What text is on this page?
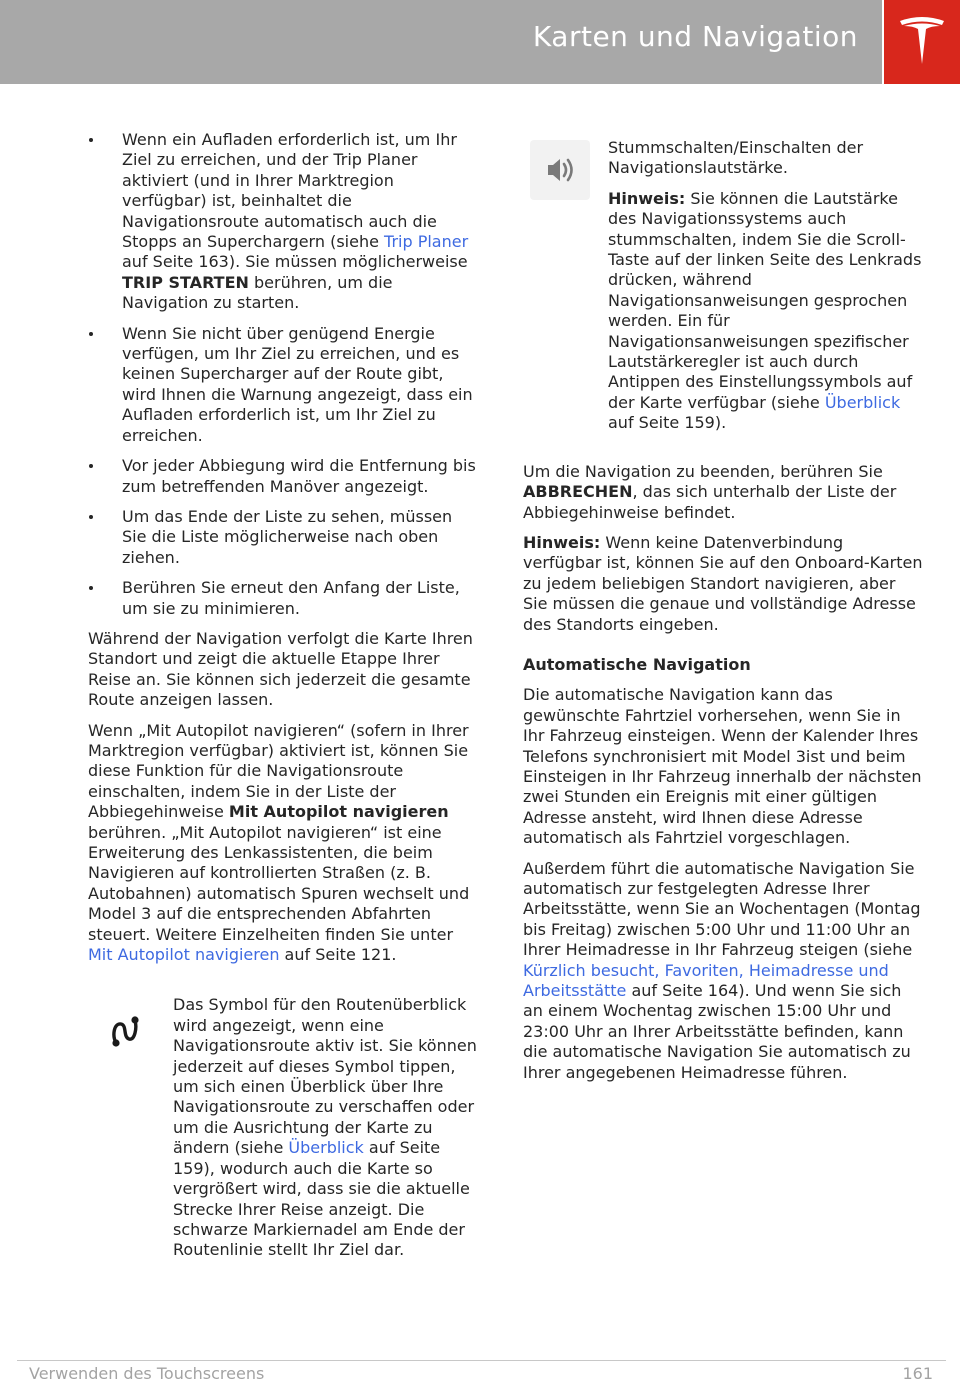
Karten und Navigation
Wenn ein Aufladen erforderlich ist, um Ihr Ziel zu erreichen, und der Trip Planer aktiviert (und in Ihrer Marktregion verfügbar) ist, beinhaltet die Navigationsroute automatisch auch die Stopps an Superchargern (siehe Trip Planer auf Seite 163). Sie müssen möglicherweise TRIP STARTEN berühren, um die Navigation zu starten.
Wenn Sie nicht über genügend Energie verfügen, um Ihr Ziel zu erreichen, und es keinen Supercharger auf der Route gibt, wird Ihnen die Warnung angezeigt, dass ein Aufladen erforderlich ist, um Ihr Ziel zu erreichen.
Vor jeder Abbiegung wird die Entfernung bis zum betreffenden Manöver angezeigt.
Um das Ende der Liste zu sehen, müssen Sie die Liste möglicherweise nach oben ziehen.
Berühren Sie erneut den Anfang der Liste, um sie zu minimieren.

Während der Navigation verfolgt die Karte Ihren Standort und zeigt die aktuelle Etappe Ihrer Reise an. Sie können sich jederzeit die gesamte Route anzeigen lassen.

Wenn „Mit Autopilot navigieren“ (sofern in Ihrer Marktregion verfügbar) aktiviert ist, können Sie diese Funktion für die Navigationsroute einschalten, indem Sie in der Liste der Abbiegehinweise Mit Autopilot navigieren berühren. „Mit Autopilot navigieren“ ist eine Erweiterung des Lenkassistenten, die beim Navigieren auf kontrollierten Straßen (z. B. Autobahnen) automatisch Spuren wechselt und Model 3 auf die entsprechenden Abfahrten steuert. Weitere Einzelheiten finden Sie unter Mit Autopilot navigieren auf Seite 121.

Das Symbol für den Routenüberblick wird angezeigt, wenn eine Navigationsroute aktiv ist. Sie können jederzeit auf dieses Symbol tippen, um sich einen Überblick über Ihre Navigationsroute zu verschaffen oder um die Ausrichtung der Karte zu ändern (siehe Überblick auf Seite 159), wodurch auch die Karte so vergrößert wird, dass sie die aktuelle Strecke Ihrer Reise anzeigt. Die schwarze Markiernadel am Ende der Routenlinie stellt Ihr Ziel dar.

Stummschalten/Einschalten der Navigationslautstärke.

Hinweis: Sie können die Lautstärke des Navigationssystems auch stummschalten, indem Sie die Scroll-Taste auf der linken Seite des Lenkrads drücken, während Navigationsanweisungen gesprochen werden. Ein für Navigationsanweisungen spezifischer Lautstärkeregler ist auch durch Antippen des Einstellungssymbols auf der Karte verfügbar (siehe Überblick auf Seite 159).

Um die Navigation zu beenden, berühren Sie ABBRECHEN, das sich unterhalb der Liste der Abbiegehinweise befindet.

Hinweis: Wenn keine Datenverbindung verfügbar ist, können Sie auf den Onboard-Karten zu jedem beliebigen Standort navigieren, aber Sie müssen die genaue und vollständige Adresse des Standorts eingeben.

Automatische Navigation

Die automatische Navigation kann das gewünschte Fahrtziel vorhersehen, wenn Sie in Ihr Fahrzeug einsteigen. Wenn der Kalender Ihres Telefons synchronisiert mit Model 3ist und beim Einsteigen in Ihr Fahrzeug innerhalb der nächsten zwei Stunden ein Ereignis mit einer gültigen Adresse ansteht, wird Ihnen diese Adresse automatisch als Fahrtziel vorgeschlagen.

Außerdem führt die automatische Navigation Sie automatisch zur festgelegten Adresse Ihrer Arbeitsstätte, wenn Sie an Wochentagen (Montag bis Freitag) zwischen 5:00 Uhr und 11:00 Uhr an Ihrer Heimadresse in Ihr Fahrzeug steigen (siehe Kürzlich besucht, Favoriten, Heimadresse und Arbeitsstätte auf Seite 164). Und wenn Sie sich an einem Wochentag zwischen 15:00 Uhr und 23:00 Uhr an Ihrer Arbeitsstätte befinden, kann die automatische Navigation Sie automatisch zu Ihrer angegebenen Heimadresse führen.

Verwenden des Touchscreens	161
